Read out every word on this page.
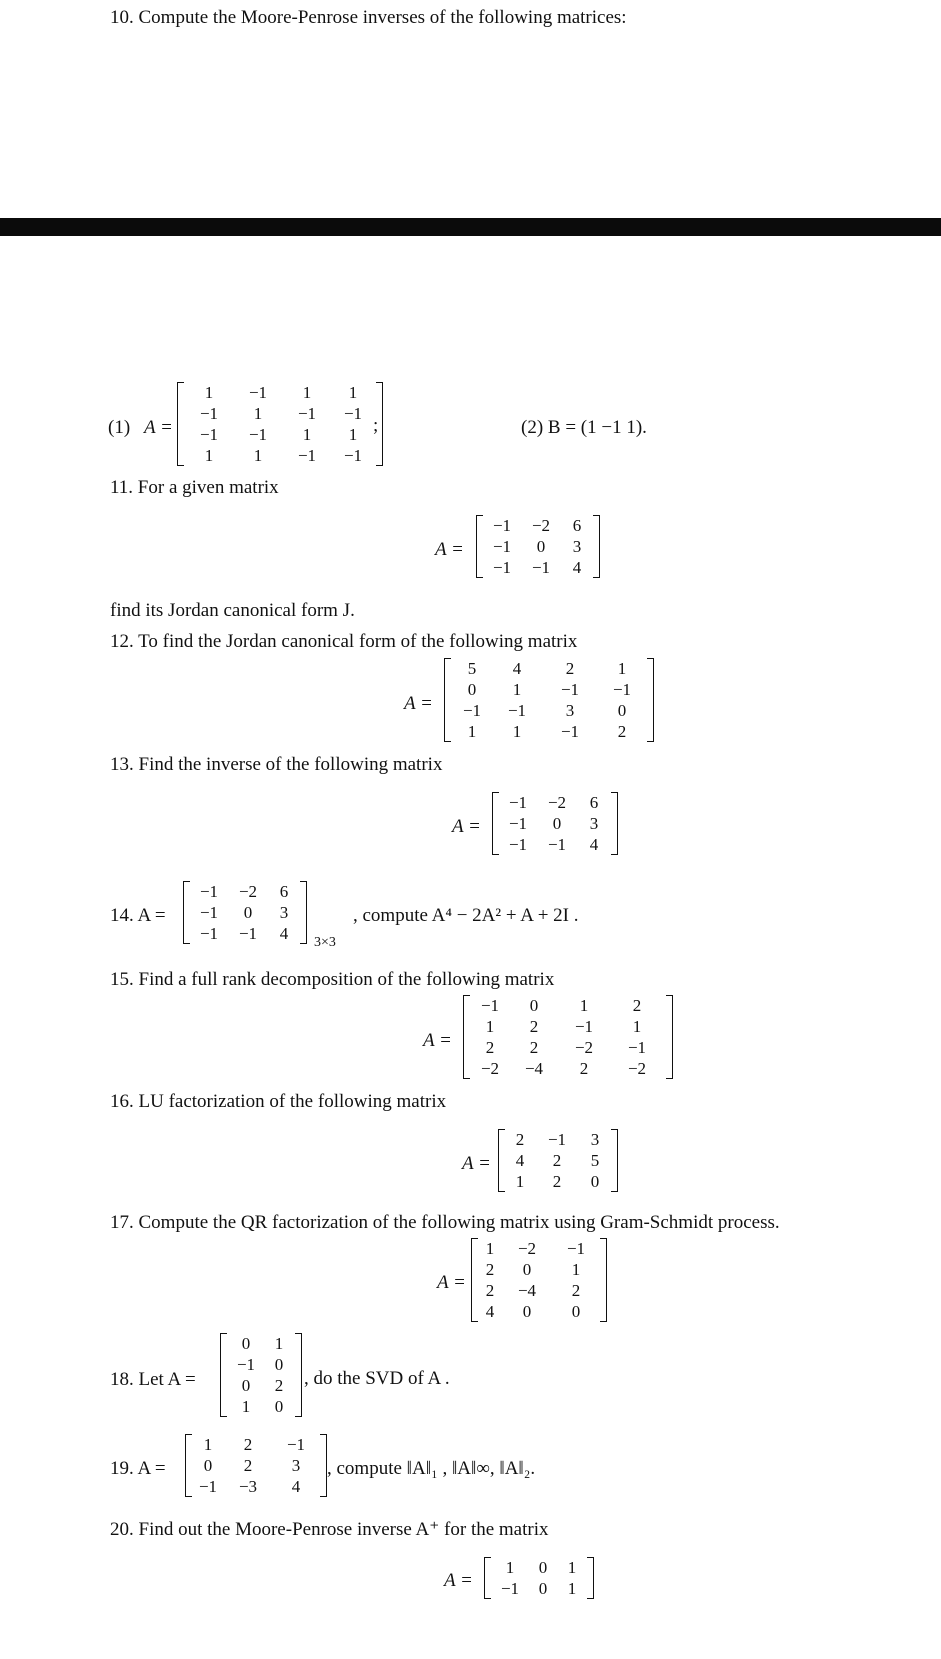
10. Compute the Moore-Penrose inverses of the following matrices:
(1) A =
1	−1	1	1
−1	1	−1	−1
−1	−1	1	1
1	1	−1	−1
;	(2) B = (1 −1 1).
11. For a given matrix
A =
−1	−2	6
−1	0	3
−1	−1	4
find its Jordan canonical form J.
12. To find the Jordan canonical form of the following matrix
A =
5	4	2	1
0	1	−1	−1
−1	−1	3	0
1	1	−1	2
13. Find the inverse of the following matrix
A =
−1	−2	6
−1	0	3
−1	−1	4
14. A =
−1	−2	6
−1	0	3
−1	−1	4 3×3
, compute A⁴ − 2A² + A + 2I .
15. Find a full rank decomposition of the following matrix
A =
−1	0	1	2
1	2	−1	1
2	2	−2	−1
−2	−4	2	−2
16. LU factorization of the following matrix
A =
2	−1	3
4	2	5
1	2	0
17. Compute the QR factorization of the following matrix using Gram-Schmidt process.
A =
1	−2	−1
2	0	1
2	−4	2
4	0	0
18. Let A =
0	1
−1	0
0	2
1	0
, do the SVD of A .
19. A =
1	2	−1
0	2	3
−1	−3	4
, compute ‖A‖₁ , ‖A‖∞, ‖A‖₂.
20. Find out the Moore-Penrose inverse A⁺ for the matrix
A =
1	0	1
−1	0	1
